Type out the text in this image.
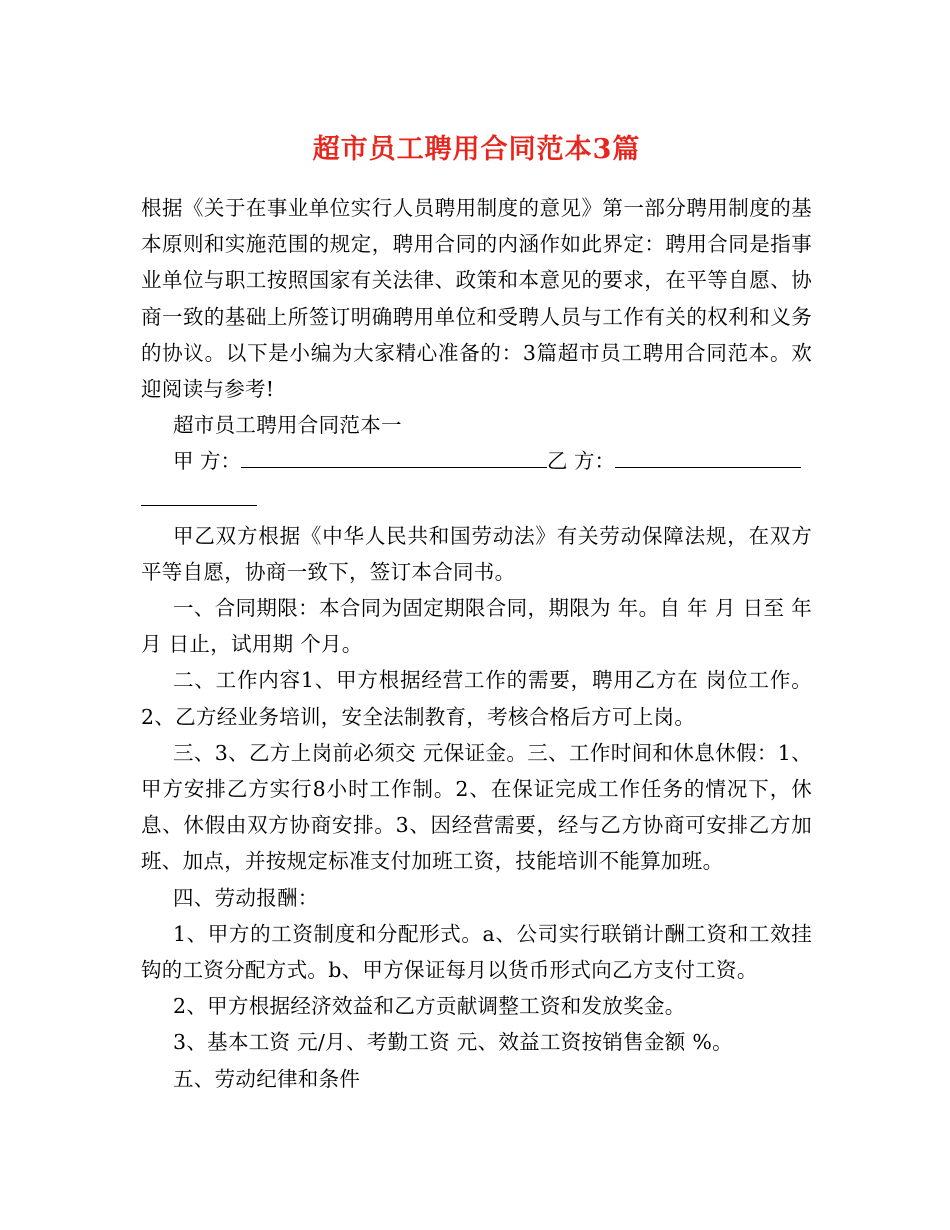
超市员工聘用合同范本3篇

根据《关于在事业单位实行人员聘用制度的意见》第一部分聘用制度的基本原则和实施范围的规定，聘用合同的内涵作如此界定：聘用合同是指事业单位与职工按照国家有关法律、政策和本意见的要求，在平等自愿、协商一致的基础上所签订明确聘用单位和受聘人员与工作有关的权利和义务的协议。以下是小编为大家精心准备的：3篇超市员工聘用合同范本。欢迎阅读与参考!

超市员工聘用合同范本一

甲 方：	乙 方：

甲乙双方根据《中华人民共和国劳动法》有关劳动保障法规，在双方平等自愿，协商一致下，签订本合同书。

一、合同期限：本合同为固定期限合同，期限为 年。自 年 月 日至 年 月 日止，试用期 个月。

二、工作内容1、甲方根据经营工作的需要，聘用乙方在 岗位工作。2、乙方经业务培训，安全法制教育，考核合格后方可上岗。

三、3、乙方上岗前必须交 元保证金。三、工作时间和休息休假：1、甲方安排乙方实行8小时工作制。2、在保证完成工作任务的情况下，休息、休假由双方协商安排。3、因经营需要，经与乙方协商可安排乙方加班、加点，并按规定标准支付加班工资，技能培训不能算加班。

四、劳动报酬：

1、甲方的工资制度和分配形式。a、公司实行联销计酬工资和工效挂钩的工资分配方式。b、甲方保证每月以货币形式向乙方支付工资。

2、甲方根据经济效益和乙方贡献调整工资和发放奖金。

3、基本工资 元/月、考勤工资 元、效益工资按销售金额 %。

五、劳动纪律和条件
